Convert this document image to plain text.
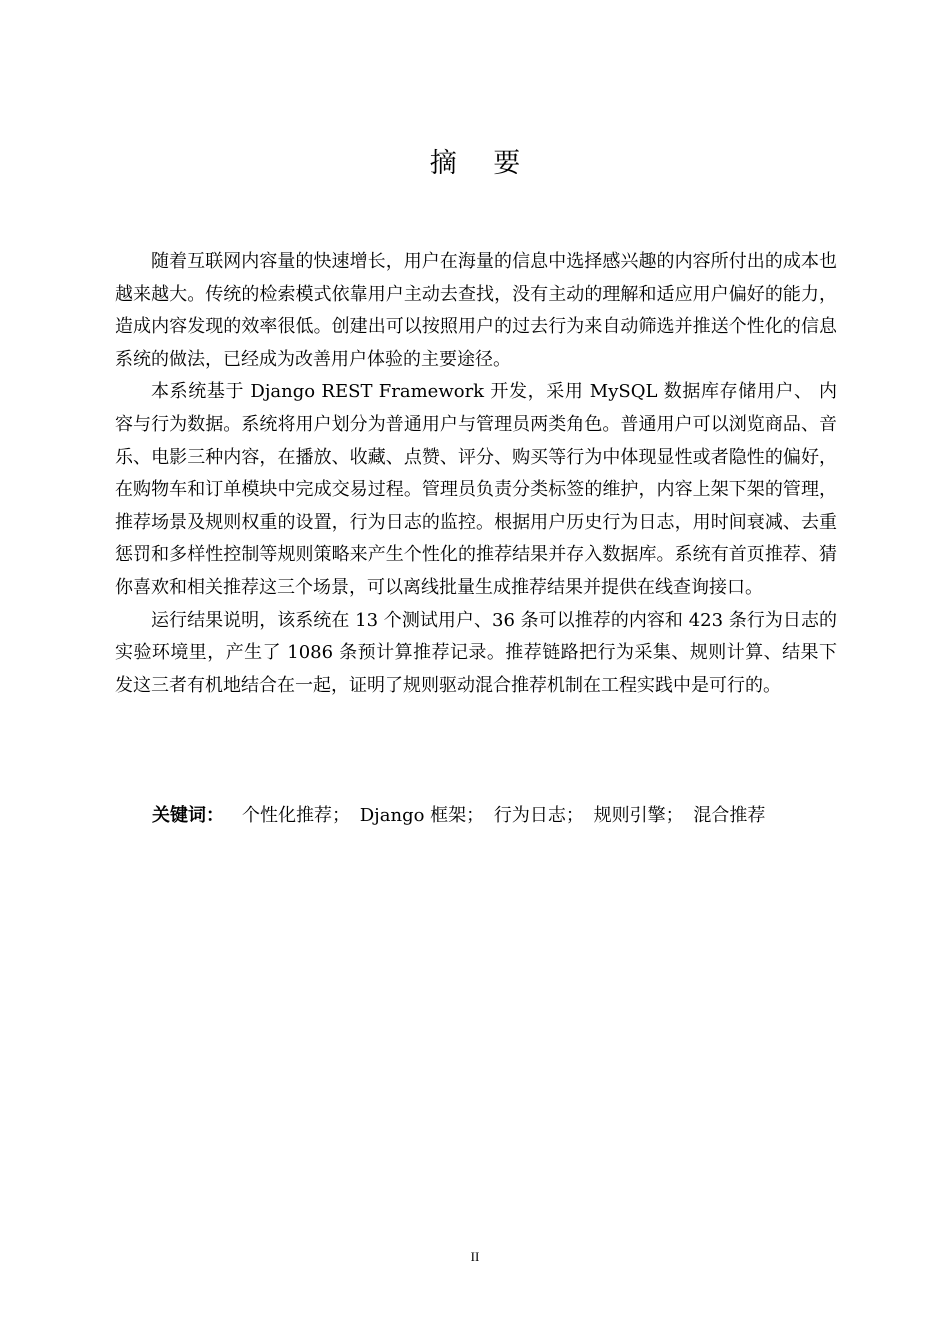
摘 要

随着互联网内容量的快速增长，用户在海量的信息中选择感兴趣的内容所付出的成本也越来越大。传统的检索模式依靠用户主动去查找，没有主动的理解和适应用户偏好的能力，造成内容发现的效率很低。创建出可以按照用户的过去行为来自动筛选并推送个性化的信息系统的做法，已经成为改善用户体验的主要途径。

本系统基于 Django REST Framework 开发，采用 MySQL 数据库存储用户、 内容与行为数据。系统将用户划分为普通用户与管理员两类角色。普通用户可以浏览商品、音乐、电影三种内容，在播放、收藏、点赞、评分、购买等行为中体现显性或者隐性的偏好，在购物车和订单模块中完成交易过程。管理员负责分类标签的维护，内容上架下架的管理，推荐场景及规则权重的设置，行为日志的监控。根据用户历史行为日志，用时间衰减、去重惩罚和多样性控制等规则策略来产生个性化的推荐结果并存入数据库。系统有首页推荐、猜你喜欢和相关推荐这三个场景，可以离线批量生成推荐结果并提供在线查询接口。

运行结果说明，该系统在 13 个测试用户、36 条可以推荐的内容和 423 条行为日志的实验环境里，产生了 1086 条预计算推荐记录。推荐链路把行为采集、规则计算、结果下发这三者有机地结合在一起，证明了规则驱动混合推荐机制在工程实践中是可行的。

关键词： 个性化推荐； Django 框架； 行为日志； 规则引擎； 混合推荐
II
